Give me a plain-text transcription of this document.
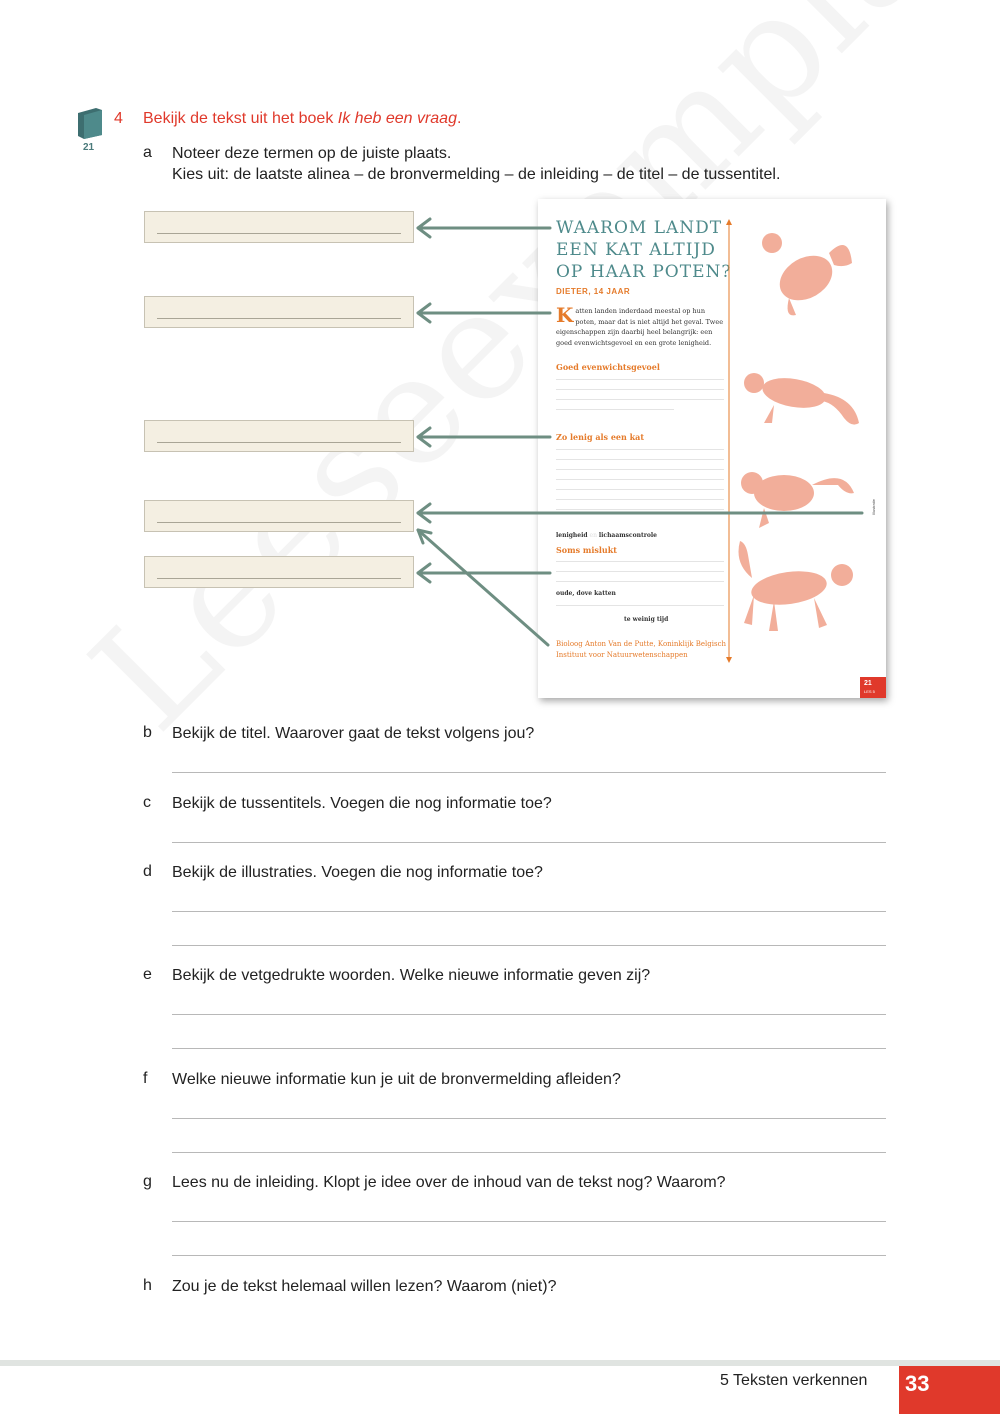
21
4 Bekijk de tekst uit het boek Ik heb een vraag.
a Noteer deze termen op de juiste plaats.
Kies uit: de laatste alinea – de bronvermelding – de inleiding – de titel – de tussentitel.
WAAROM LANDT
EEN KAT ALTIJD
OP HAAR POTEN?
DIETER, 14 JAAR
Katten landen inderdaad meestal op hun poten, maar dat is niet altijd het geval. Twee eigenschappen zijn daarbij heel belangrijk: een goed evenwichtsgevoel en een grote lenigheid.
Goed evenwichtsgevoel
Zo lenig als een kat
lenigheid en lichaamscontrole
Soms mislukt
oude, dove katten
te weinig tijd
Bioloog Anton Van de Putte, Koninklijk Belgisch Instituut voor Natuurwetenschappen
Illustratie
21
LES 5
b Bekijk de titel. Waarover gaat de tekst volgens jou?
c Bekijk de tussentitels. Voegen die nog informatie toe?
d Bekijk de illustraties. Voegen die nog informatie toe?
e Bekijk de vetgedrukte woorden. Welke nieuwe informatie geven zij?
f Welke nieuwe informatie kun je uit de bronvermelding afleiden?
g Lees nu de inleiding. Klopt je idee over de inhoud van de tekst nog? Waarom?
h Zou je de tekst helemaal willen lezen? Waarom (niet)?
5 Teksten verkennen 33
